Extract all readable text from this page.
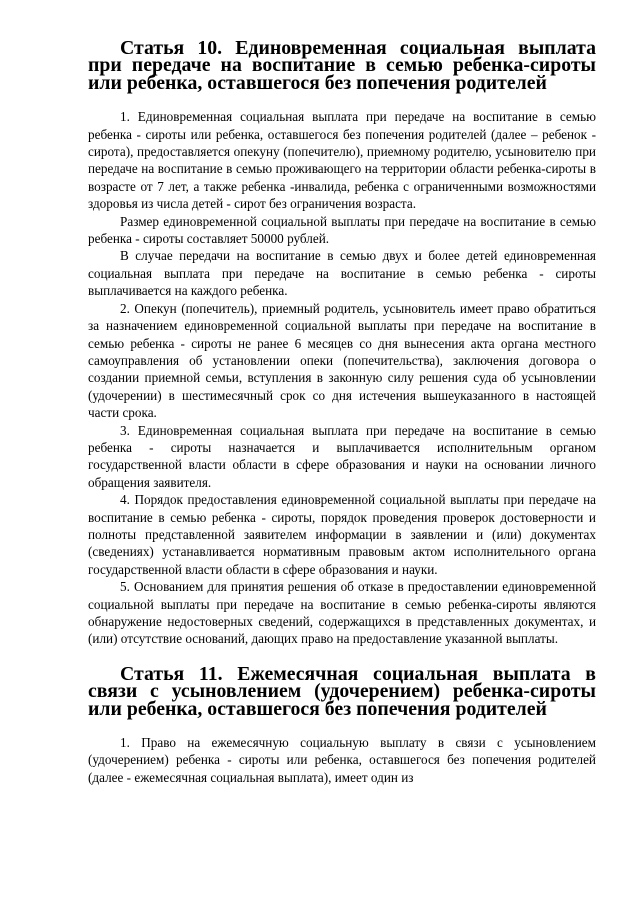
Статья 10. Единовременная социальная выплата при передаче на воспитание в семью ребенка-сироты или ребенка, оставшегося без попечения родителей

1. Единовременная социальная выплата при передаче на воспитание в семью ребенка - сироты или ребенка, оставшегося без попечения родителей (далее – ребенок - сирота), предоставляется опекуну (попечителю), приемному родителю, усыновителю при передаче на воспитание в семью проживающего на территории области ребенка-сироты в возрасте от 7 лет, а также ребенка -инвалида, ребенка с ограниченными возможностями здоровья из числа детей - сирот без ограничения возраста.

Размер единовременной социальной выплаты при передаче на воспитание в семью ребенка - сироты составляет 50000 рублей.

В случае передачи на воспитание в семью двух и более детей единовременная социальная выплата при передаче на воспитание в семью ребенка - сироты выплачивается на каждого ребенка.

2. Опекун (попечитель), приемный родитель, усыновитель имеет право обратиться за назначением единовременной социальной выплаты при передаче на воспитание в семью ребенка - сироты не ранее 6 месяцев со дня вынесения акта органа местного самоуправления об установлении опеки (попечительства), заключения договора о создании приемной семьи, вступления в законную силу решения суда об усыновлении (удочерении) в шестимесячный срок со дня истечения вышеуказанного в настоящей части срока.

3. Единовременная социальная выплата при передаче на воспитание в семью ребенка - сироты назначается и выплачивается исполнительным органом государственной власти области в сфере образования и науки на основании личного обращения заявителя.

4. Порядок предоставления единовременной социальной выплаты при передаче на воспитание в семью ребенка - сироты, порядок проведения проверок достоверности и полноты представленной заявителем информации в заявлении и (или) документах (сведениях) устанавливается нормативным правовым актом исполнительного органа государственной власти области в сфере образования и науки.

5. Основанием для принятия решения об отказе в предоставлении единовременной социальной выплаты при передаче на воспитание в семью ребенка-сироты являются обнаружение недостоверных сведений, содержащихся в представленных документах, и (или) отсутствие оснований, дающих право на предоставление указанной выплаты.

Статья 11. Ежемесячная социальная выплата в связи с усыновлением (удочерением) ребенка-сироты или ребенка, оставшегося без попечения родителей

1. Право на ежемесячную социальную выплату в связи с усыновлением (удочерением) ребенка - сироты или ребенка, оставшегося без попечения родителей (далее - ежемесячная социальная выплата), имеет один из
